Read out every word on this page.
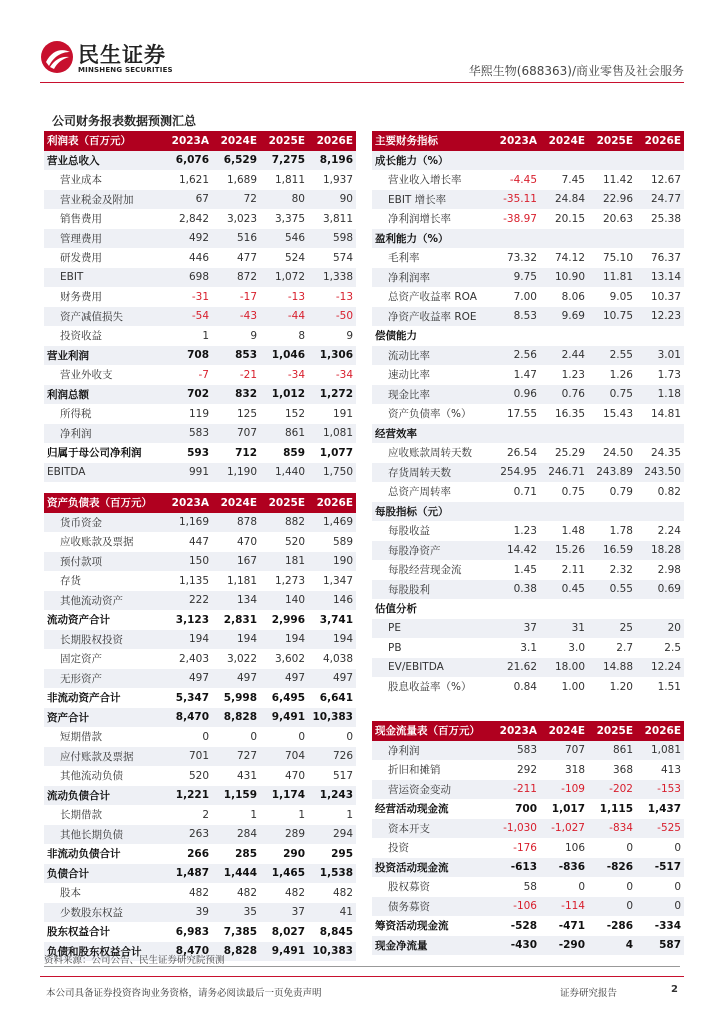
民生证券
MINSHENG SECURITIES	华熙生物(688363)/商业零售及社会服务
公司财务报表数据预测汇总
利润表（百万元）	2023A	2024E	2025E	2026E
营业总收入	6,076	6,529	7,275	8,196
营业成本	1,621	1,689	1,811	1,937
营业税金及附加	67	72	80	90
销售费用	2,842	3,023	3,375	3,811
管理费用	492	516	546	598
研发费用	446	477	524	574
EBIT	698	872	1,072	1,338
财务费用	-31	-17	-13	-13
资产减值损失	-54	-43	-44	-50
投资收益	1	9	8	9
营业利润	708	853	1,046	1,306
营业外收支	-7	-21	-34	-34
利润总额	702	832	1,012	1,272
所得税	119	125	152	191
净利润	583	707	861	1,081
归属于母公司净利润	593	712	859	1,077
EBITDA	991	1,190	1,440	1,750
主要财务指标	2023A	2024E	2025E	2026E
成长能力（%）				
营业收入增长率	-4.45	7.45	11.42	12.67
EBIT 增长率	-35.11	24.84	22.96	24.77
净利润增长率	-38.97	20.15	20.63	25.38
盈利能力（%）				
毛利率	73.32	74.12	75.10	76.37
净利润率	9.75	10.90	11.81	13.14
总资产收益率 ROA	7.00	8.06	9.05	10.37
净资产收益率 ROE	8.53	9.69	10.75	12.23
偿债能力				
流动比率	2.56	2.44	2.55	3.01
速动比率	1.47	1.23	1.26	1.73
现金比率	0.96	0.76	0.75	1.18
资产负债率（%）	17.55	16.35	15.43	14.81
经营效率				
应收账款周转天数	26.54	25.29	24.50	24.35
存货周转天数	254.95	246.71	243.89	243.50
总资产周转率	0.71	0.75	0.79	0.82
每股指标（元）				
每股收益	1.23	1.48	1.78	2.24
每股净资产	14.42	15.26	16.59	18.28
每股经营现金流	1.45	2.11	2.32	2.98
每股股利	0.38	0.45	0.55	0.69
估值分析				
PE	37	31	25	20
PB	3.1	3.0	2.7	2.5
EV/EBITDA	21.62	18.00	14.88	12.24
股息收益率（%）	0.84	1.00	1.20	1.51
资产负债表（百万元）	2023A	2024E	2025E	2026E
货币资金	1,169	878	882	1,469
应收账款及票据	447	470	520	589
预付款项	150	167	181	190
存货	1,135	1,181	1,273	1,347
其他流动资产	222	134	140	146
流动资产合计	3,123	2,831	2,996	3,741
长期股权投资	194	194	194	194
固定资产	2,403	3,022	3,602	4,038
无形资产	497	497	497	497
非流动资产合计	5,347	5,998	6,495	6,641
资产合计	8,470	8,828	9,491	10,383
短期借款	0	0	0	0
应付账款及票据	701	727	704	726
其他流动负债	520	431	470	517
流动负债合计	1,221	1,159	1,174	1,243
长期借款	2	1	1	1
其他长期负债	263	284	289	294
非流动负债合计	266	285	290	295
负债合计	1,487	1,444	1,465	1,538
股本	482	482	482	482
少数股东权益	39	35	37	41
股东权益合计	6,983	7,385	8,027	8,845
负债和股东权益合计	8,470	8,828	9,491	10,383
现金流量表（百万元）	2023A	2024E	2025E	2026E
净利润	583	707	861	1,081
折旧和摊销	292	318	368	413
营运资金变动	-211	-109	-202	-153
经营活动现金流	700	1,017	1,115	1,437
资本开支	-1,030	-1,027	-834	-525
投资	-176	106	0	0
投资活动现金流	-613	-836	-826	-517
股权募资	58	0	0	0
债务募资	-106	-114	0	0
筹资活动现金流	-528	-471	-286	-334
现金净流量	-430	-290	4	587
资料来源：公司公告、民生证券研究院预测
本公司具备证券投资咨询业务资格，请务必阅读最后一页免责声明	证券研究报告	2
